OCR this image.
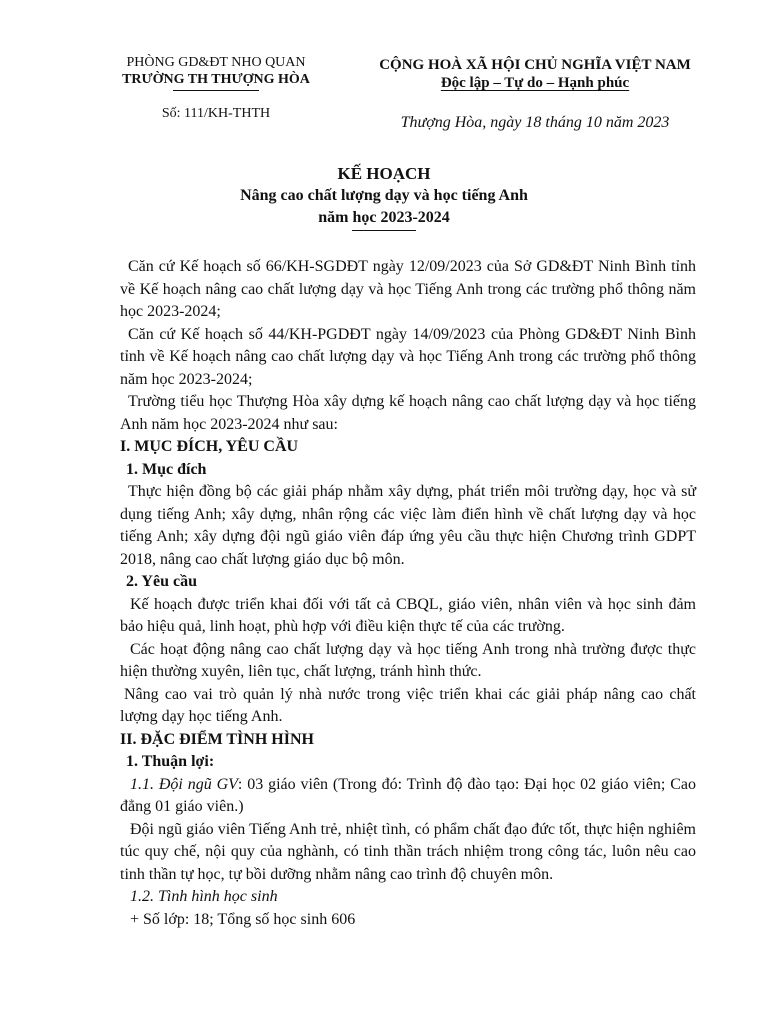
PHÒNG GD&ĐT NHO QUAN
TRƯỜNG TH THƯỢNG HÒA
Số: 111/KH-THTH
CỘNG HOÀ XÃ HỘI CHỦ NGHĨA VIỆT NAM
Độc lập – Tự do – Hạnh phúc
Thượng Hòa, ngày 18 tháng 10 năm 2023
KẾ HOẠCH
Nâng cao chất lượng dạy và học tiếng Anh
năm học 2023-2024

Căn cứ Kế hoạch số 66/KH-SGDĐT ngày 12/09/2023 của Sở GD&ĐT Ninh Bình tỉnh về Kế hoạch nâng cao chất lượng dạy và học Tiếng Anh trong các trường phổ thông năm học 2023-2024;

Căn cứ Kế hoạch số 44/KH-PGDĐT ngày 14/09/2023 của Phòng GD&ĐT Ninh Bình tỉnh về Kế hoạch nâng cao chất lượng dạy và học Tiếng Anh trong các trường phổ thông năm học 2023-2024;

Trường tiểu học Thượng Hòa xây dựng kế hoạch nâng cao chất lượng dạy và học tiếng Anh năm học 2023-2024 như sau:

I. MỤC ĐÍCH, YÊU CẦU

1. Mục đích

Thực hiện đồng bộ các giải pháp nhằm xây dựng, phát triển môi trường dạy, học và sử dụng tiếng Anh; xây dựng, nhân rộng các việc làm điển hình về chất lượng dạy và học tiếng Anh; xây dựng đội ngũ giáo viên đáp ứng yêu cầu thực hiện Chương trình GDPT 2018, nâng cao chất lượng giáo dục bộ môn.

2. Yêu cầu

Kế hoạch được triển khai đối với tất cả CBQL, giáo viên, nhân viên và học sinh đảm bảo hiệu quả, linh hoạt, phù hợp với điều kiện thực tế của các trường.

Các hoạt động nâng cao chất lượng dạy và học tiếng Anh trong nhà trường được thực hiện thường xuyên, liên tục, chất lượng, tránh hình thức.

Nâng cao vai trò quản lý nhà nước trong việc triển khai các giải pháp nâng cao chất lượng dạy học tiếng Anh.

II. ĐẶC ĐIỂM TÌNH HÌNH

1. Thuận lợi:

1.1. Đội ngũ GV: 03 giáo viên (Trong đó: Trình độ đào tạo: Đại học 02 giáo viên; Cao đẳng 01 giáo viên.)

Đội ngũ giáo viên Tiếng Anh trẻ, nhiệt tình, có phẩm chất đạo đức tốt, thực hiện nghiêm túc quy chế, nội quy của nghành, có tinh thần trách nhiệm trong công tác, luôn nêu cao tinh thần tự học, tự bồi dưỡng nhằm nâng cao trình độ chuyên môn.

1.2. Tình hình học sinh

+ Số lớp: 18; Tổng số học sinh 606
